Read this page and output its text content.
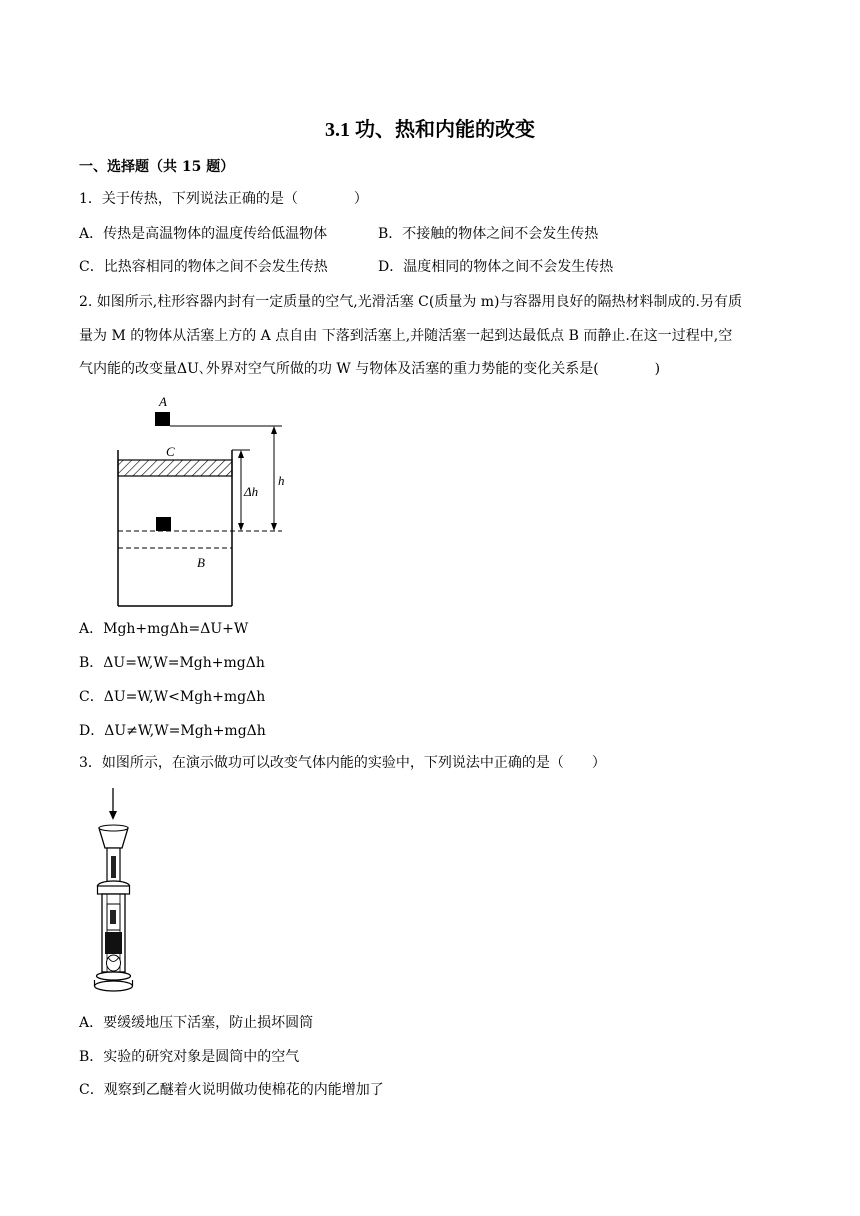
3.1 功、热和内能的改变
一、选择题（共 15 题）
1．关于传热，下列说法正确的是（　　　　）
A．传热是高温物体的温度传给低温物体	B．不接触的物体之间不会发生传热
C．比热容相同的物体之间不会发生传热	D．温度相同的物体之间不会发生传热
2. 如图所示,柱形容器内封有一定质量的空气,光滑活塞 C(质量为 m)与容器用良好的隔热材料制成的.另有质
量为 M 的物体从活塞上方的 A 点自由 下落到活塞上,并随活塞一起到达最低点 B 而静止.在这一过程中,空
气内能的改变量ΔU､外界对空气所做的功 W 与物体及活塞的重力势能的变化关系是(　　　　)
A
C
B
Δh
h
A．Mgh+mgΔh=ΔU+W
B．ΔU=W,W=Mgh+mgΔh
C．ΔU=W,W<Mgh+mgΔh
D．ΔU≠W,W=Mgh+mgΔh
3．如图所示，在演示做功可以改变气体内能的实验中，下列说法中正确的是（　　）
A．要缓缓地压下活塞，防止损坏圆筒
B．实验的研究对象是圆筒中的空气
C．观察到乙醚着火说明做功使棉花的内能增加了
